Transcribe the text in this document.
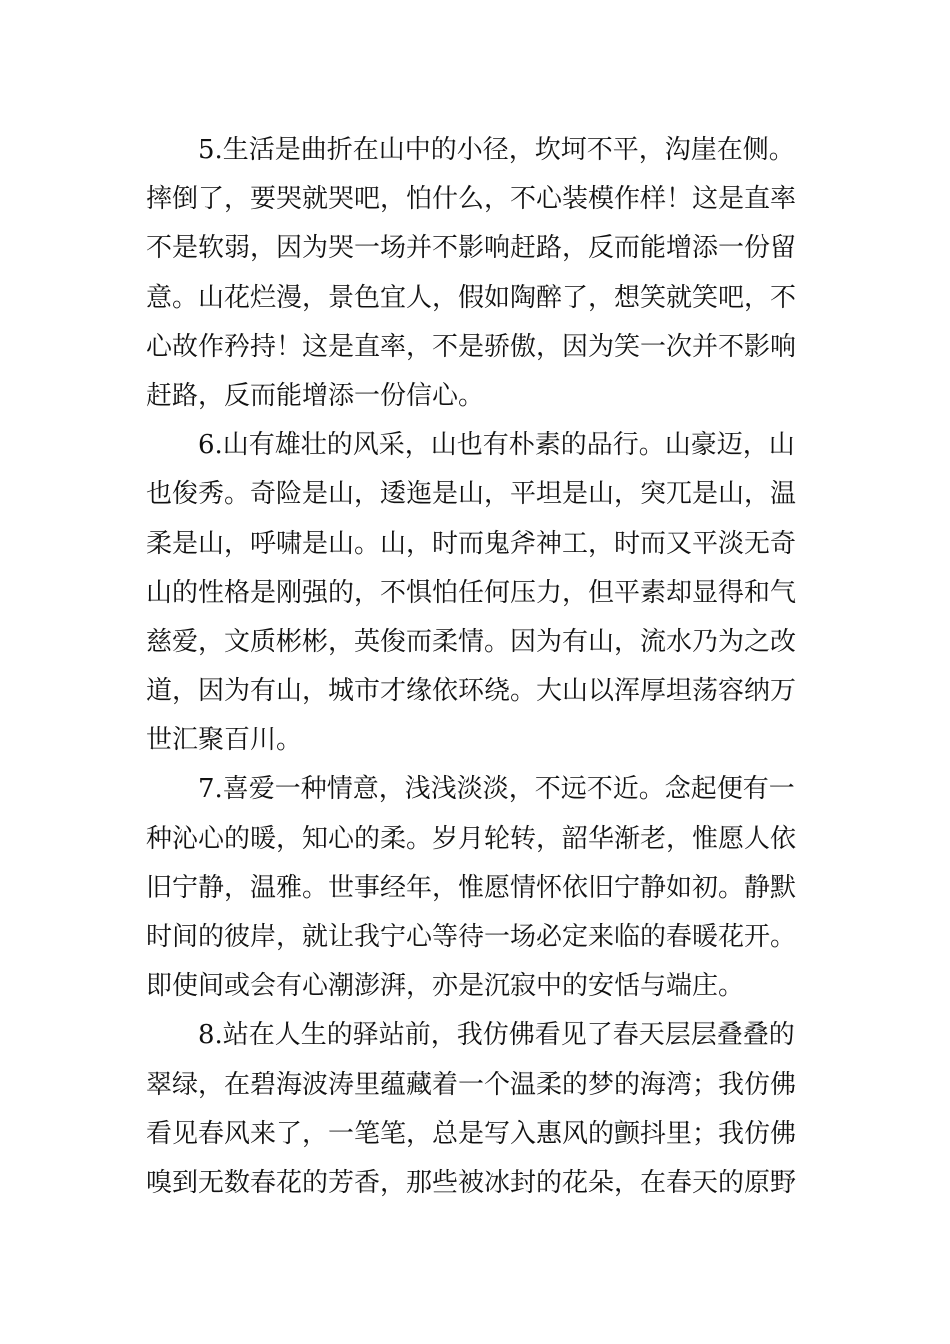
5.生活是曲折在山中的小径，坎坷不平，沟崖在侧。
摔倒了，要哭就哭吧，怕什么，不心装模作样！这是直率
不是软弱，因为哭一场并不影响赶路，反而能增添一份留
意。山花烂漫，景色宜人，假如陶醉了，想笑就笑吧，不
心故作矜持！这是直率，不是骄傲，因为笑一次并不影响
赶路，反而能增添一份信心。
6.山有雄壮的风采，山也有朴素的品行。山豪迈，山
也俊秀。奇险是山，逶迤是山，平坦是山，突兀是山，温
柔是山，呼啸是山。山，时而鬼斧神工，时而又平淡无奇
山的性格是刚强的，不惧怕任何压力，但平素却显得和气
慈爱，文质彬彬，英俊而柔情。因为有山，流水乃为之改
道，因为有山，城市才缘依环绕。大山以浑厚坦荡容纳万
世汇聚百川。
7.喜爱一种情意，浅浅淡淡，不远不近。念起便有一
种沁心的暖，知心的柔。岁月轮转，韶华渐老，惟愿人依
旧宁静，温雅。世事经年，惟愿情怀依旧宁静如初。静默
时间的彼岸，就让我宁心等待一场必定来临的春暖花开。
即使间或会有心潮澎湃，亦是沉寂中的安恬与端庄。
8.站在人生的驿站前，我仿佛看见了春天层层叠叠的
翠绿，在碧海波涛里蕴藏着一个温柔的梦的海湾；我仿佛
看见春风来了，一笔笔，总是写入惠风的颤抖里；我仿佛
嗅到无数春花的芳香，那些被冰封的花朵，在春天的原野
